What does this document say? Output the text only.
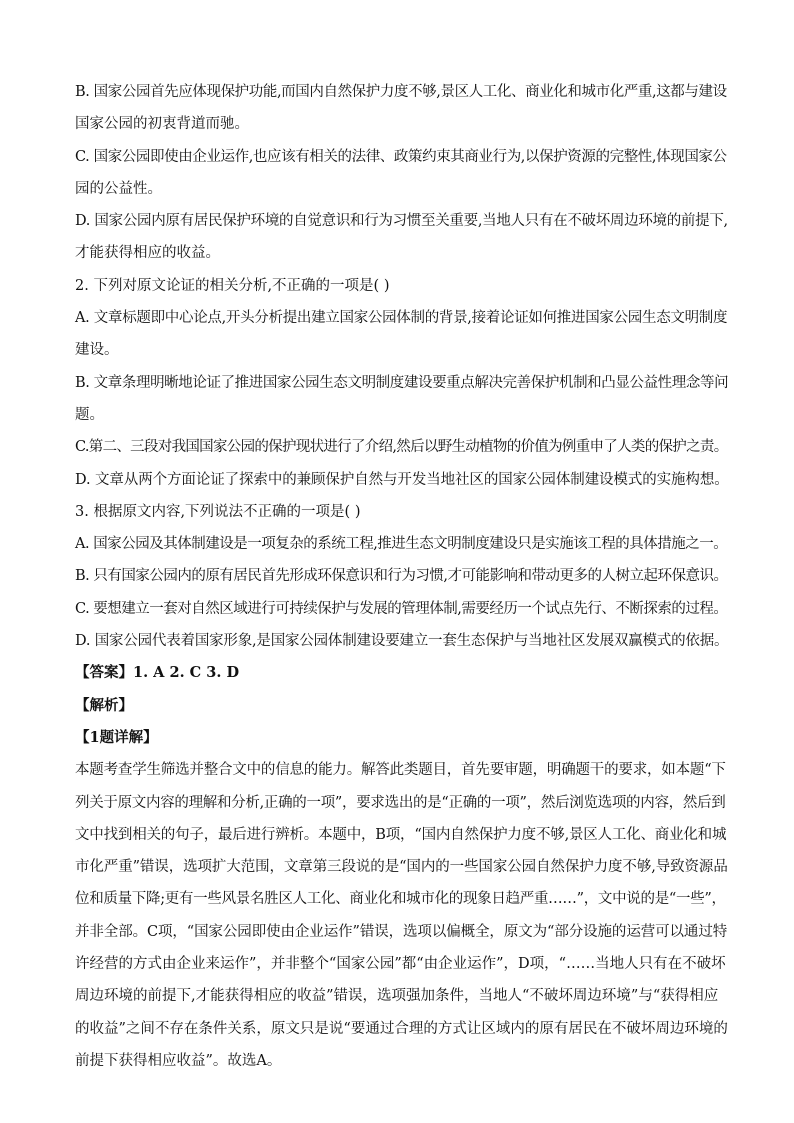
B. 国家公园首先应体现保护功能,而国内自然保护力度不够,景区人工化、商业化和城市化严重,这都与建设
国家公园的初衷背道而驰。
C. 国家公园即使由企业运作,也应该有相关的法律、政策约束其商业行为,以保护资源的完整性,体现国家公
园的公益性。
D. 国家公园内原有居民保护环境的自觉意识和行为习惯至关重要,当地人只有在不破坏周边环境的前提下,
才能获得相应的收益。
2. 下列对原文论证的相关分析,不正确的一项是( )
A. 文章标题即中心论点,开头分析提出建立国家公园体制的背景,接着论证如何推进国家公园生态文明制度
建设。
B. 文章条理明晰地论证了推进国家公园生态文明制度建设要重点解决完善保护机制和凸显公益性理念等问
题。
C.第二、三段对我国国家公园的保护现状进行了介绍,然后以野生动植物的价值为例重申了人类的保护之责。
D. 文章从两个方面论证了探索中的兼顾保护自然与开发当地社区的国家公园体制建设模式的实施构想。
3. 根据原文内容,下列说法不正确的一项是( )
A. 国家公园及其体制建设是一项复杂的系统工程,推进生态文明制度建设只是实施该工程的具体措施之一。
B. 只有国家公园内的原有居民首先形成环保意识和行为习惯,才可能影响和带动更多的人树立起环保意识。
C. 要想建立一套对自然区域进行可持续保护与发展的管理体制,需要经历一个试点先行、不断探索的过程。
D. 国家公园代表着国家形象,是国家公园体制建设要建立一套生态保护与当地社区发展双赢模式的依据。
【答案】1. A 2. C 3. D
【解析】
【1题详解】
本题考查学生筛选并整合文中的信息的能力。解答此类题目，首先要审题，明确题干的要求，如本题“下
列关于原文内容的理解和分析,正确的一项”，要求选出的是“正确的一项”，然后浏览选项的内容，然后到
文中找到相关的句子，最后进行辨析。本题中，B项，“国内自然保护力度不够,景区人工化、商业化和城
市化严重”错误，选项扩大范围，文章第三段说的是“国内的一些国家公园自然保护力度不够,导致资源品
位和质量下降;更有一些风景名胜区人工化、商业化和城市化的现象日趋严重……”，文中说的是“一些”，
并非全部。C项，“国家公园即使由企业运作”错误，选项以偏概全，原文为“部分设施的运营可以通过特
许经营的方式由企业来运作”，并非整个“国家公园”都“由企业运作”，D项，“……当地人只有在不破坏
周边环境的前提下,才能获得相应的收益”错误，选项强加条件，当地人“不破坏周边环境”与“获得相应
的收益”之间不存在条件关系，原文只是说“要通过合理的方式让区域内的原有居民在不破坏周边环境的
前提下获得相应收益”。故选A。
